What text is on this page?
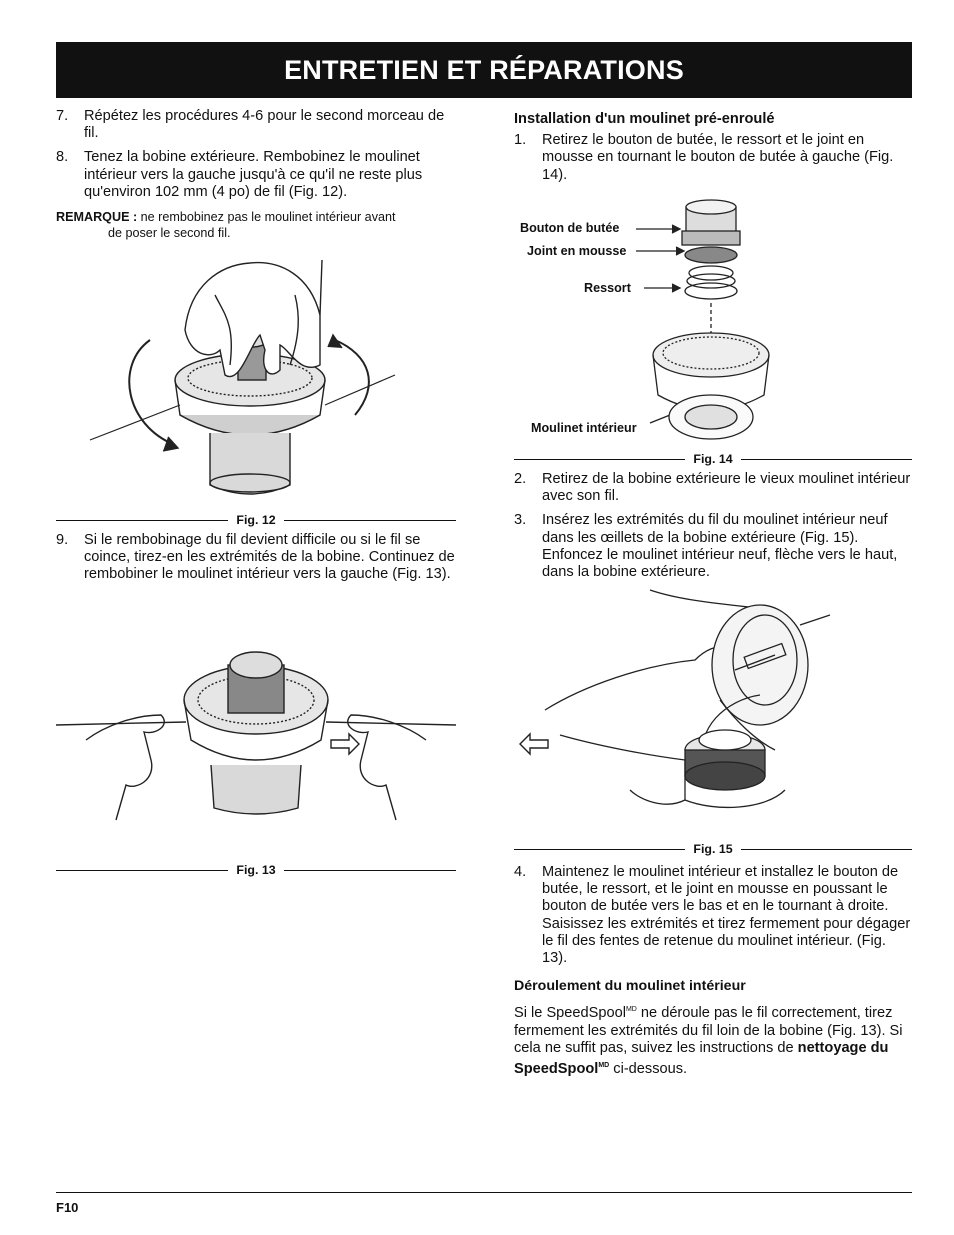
ENTRETIEN ET RÉPARATIONS
7.	Répétez les procédures 4-6 pour le second morceau de fil.
8.	Tenez la bobine extérieure. Rembobinez le moulinet intérieur vers la gauche jusqu'à ce qu'il ne reste plus qu'environ 102 mm (4 po) de fil (Fig. 12).
REMARQUE : ne rembobinez pas le moulinet intérieur avant
de poser le second fil.
Fig. 12
9.	Si le rembobinage du fil devient difficile ou si le fil se coince, tirez-en les extrémités de la bobine. Continuez de rembobiner le moulinet intérieur vers la gauche (Fig. 13).
Fig. 13
Installation d'un moulinet pré-enroulé
1.	Retirez le bouton de butée, le ressort et le joint en mousse en tournant le bouton de butée à gauche (Fig. 14).
Bouton de butée
Joint en mousse
Ressort
Moulinet intérieur
Fig. 14
2.	Retirez de la bobine extérieure le vieux moulinet intérieur avec son fil.
3.	Insérez les extrémités du fil du moulinet intérieur neuf dans les œillets de la bobine extérieure (Fig. 15). Enfoncez le moulinet intérieur neuf, flèche vers le haut, dans la bobine extérieure.
Fig. 15
4.	Maintenez le moulinet intérieur et installez le bouton de butée, le ressort, et le joint en mousse en poussant le bouton de butée vers le bas et en le tournant à droite. Saisissez les extrémités et tirez fermement pour dégager le fil des fentes de retenue du moulinet intérieur. (Fig. 13).
Déroulement du moulinet intérieur
Si le SpeedSpool$^{MD}$ ne déroule pas le fil correctement, tirez fermement les extrémités du fil loin de la bobine (Fig. 13). Si cela ne suffit pas, suivez les instructions de nettoyage du SpeedSpool$^{MD}$ ci-dessous.
F10
